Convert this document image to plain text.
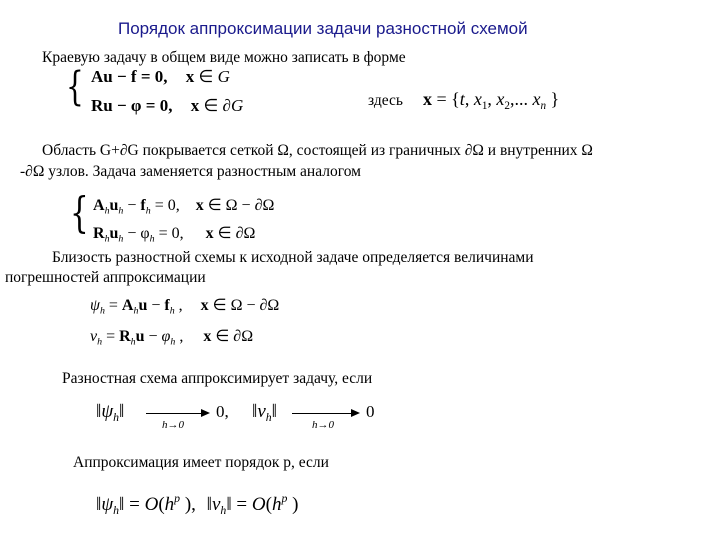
Порядок аппроксимации задачи разностной схемой
Краевую задачу в общем виде можно записать в форме
{ Au − f = 0, x ∈ G
Ru − φ = 0, x ∈ ∂G	здесь x = {t, $x_1$, $x_2$,... $x_n$ }
Область G+∂G покрывается сеткой Ω, состоящей из граничных ∂Ω и внутренних Ω
-∂Ω узлов. Задача заменяется разностным аналогом
{ $A_hu_h - f_h = 0$, x ∈ Ω − ∂Ω
$R_hu_h - \varphi_h = 0$, x ∈ ∂Ω
Близость разностной схемы к исходной задаче определяется величинами
погрешностей аппроксимации
$\psi_h = A_hu - f_h$ , x ∈ Ω − ∂Ω
$\nu_h = R_hu - \varphi_h$ , x ∈ ∂Ω
Разностная схема аппроксимирует задачу, если
$‖\psi_h‖$
h→0
0, $‖\nu_h‖$
h→0
0
Аппроксимация имеет порядок p, если
$‖\psi_h‖ = O(h^p$ ), $‖\nu_h‖ = O(h^p$ )
